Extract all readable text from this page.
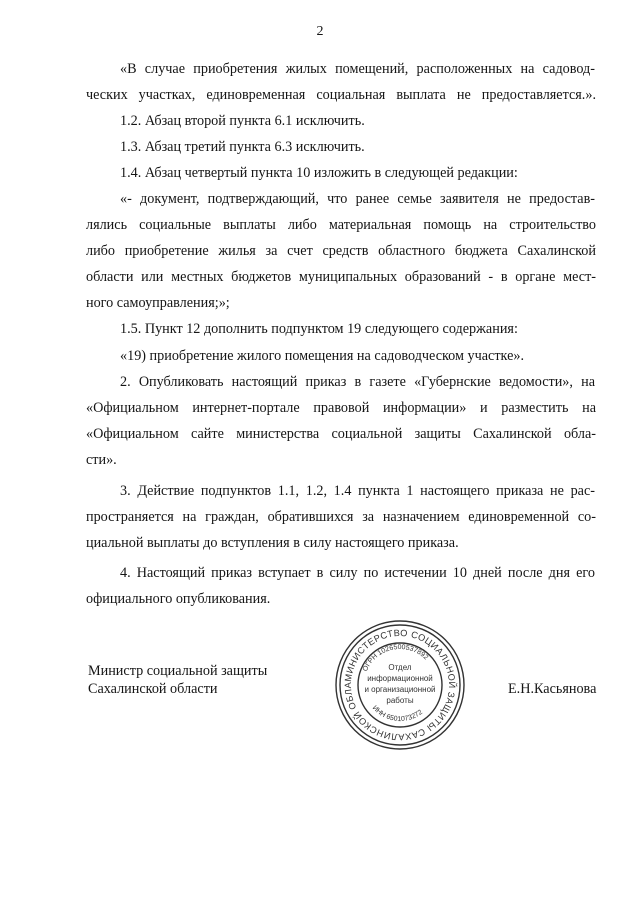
2
«В случае приобретения жилых помещений, расположенных на садовод-
ческих участках, единовременная социальная выплата не предоставляется.».
1.2. Абзац второй пункта 6.1 исключить.
1.3. Абзац третий пункта 6.3 исключить.
1.4. Абзац четвертый пункта 10 изложить в следующей редакции:
«- документ, подтверждающий, что ранее семье заявителя не предостав-
лялись социальные выплаты либо материальная помощь на строительство
либо приобретение жилья за счет средств областного бюджета Сахалинской
области или местных бюджетов муниципальных образований - в органе мест-
ного самоуправления;»;
1.5. Пункт 12 дополнить подпунктом 19 следующего содержания:
«19) приобретение жилого помещения на садоводческом участке».
2. Опубликовать настоящий приказ в газете «Губернские ведомости», на
«Официальном интернет-портале правовой информации» и разместить на
«Официальном сайте министерства социальной защиты Сахалинской обла-
сти».
3. Действие подпунктов 1.1, 1.2, 1.4 пункта 1 настоящего приказа не рас-
пространяется на граждан, обратившихся за назначением единовременной со-
циальной выплаты до вступления в силу настоящего приказа.
4. Настоящий приказ вступает в силу по истечении 10 дней после дня его
официального опубликования.
Министр социальной защиты
Сахалинской области	Е.Н.Касьянова
МИНИСТЕРСТВО СОЦИАЛЬНОЙ ЗАЩИТЫ САХАЛИНСКОЙ ОБЛА
ОГРН 1026500537892
ИНН 6501073272
Отдел
информационной
и организационной
работы
